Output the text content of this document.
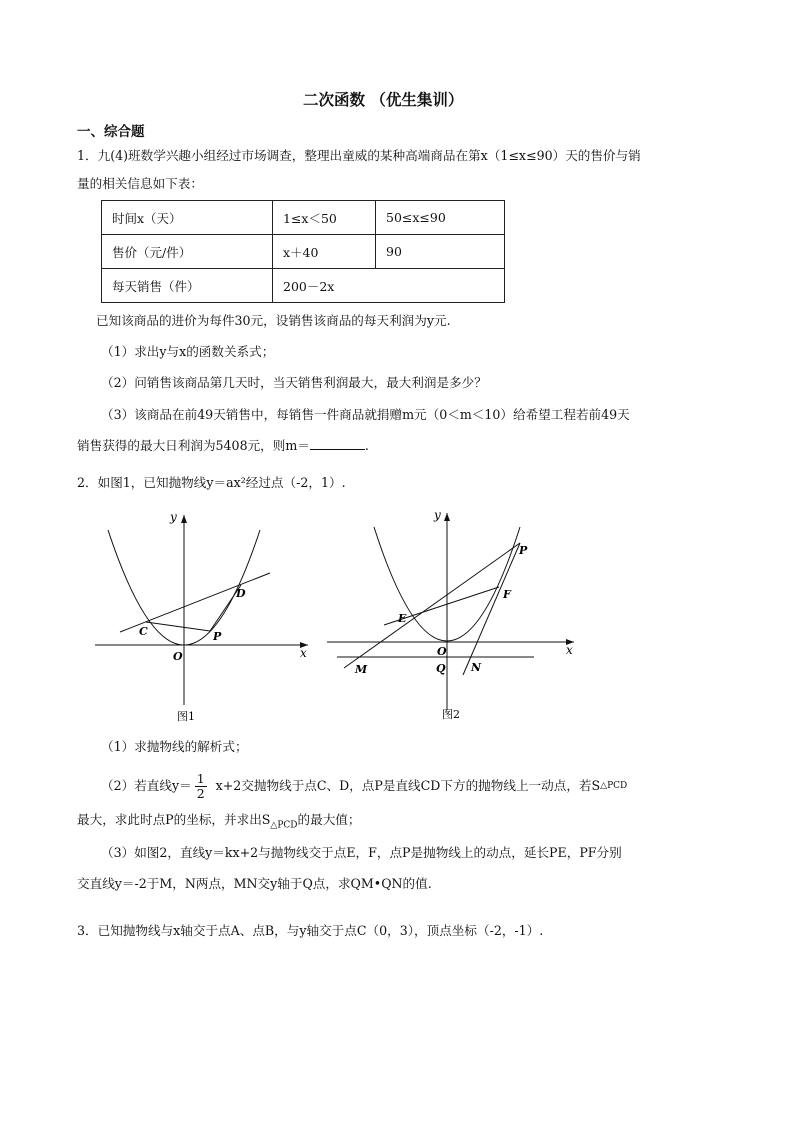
二次函数 （优生集训）
一、综合题
1．九(4)班数学兴趣小组经过市场调查，整理出童威的某种高端商品在第x（1≤x≤90）天的售价与销
量的相关信息如下表：
时间x（天）	1≤x＜50	50≤x≤90
售价（元/件）	x＋40	90
每天销售（件）	200－2x	
已知该商品的进价为每件30元，设销售该商品的每天利润为y元.
（1）求出y与x的函数关系式；
（2）问销售该商品第几天时，当天销售利润最大，最大利润是多少？
（3）该商品在前49天销售中，每销售一件商品就捐赠m元（0＜m＜10）给希望工程若前49天
销售获得的最大日利润为5408元，则m＝	.
2．如图1，已知抛物线y＝ax²经过点（-2，1）.
y
x
O
C
D
P
图1
y
x
P
F
E
O
Q
M	N
图2
（1）求抛物线的解析式；
（2）若直线$y= \frac{1}{2} x+2$交抛物线于点C、D，点P是直线CD下方的抛物线上一动点，若S △PCD
最大，求此时点P的坐标，并求出$S_{\triangle PCD}$的最大值；
（3）如图2，直线y＝kx+2与抛物线交于点E，F，点P是抛物线上的动点，延长PE，PF分别
交直线y＝-2于M，N两点，MN交y轴于Q点，求QM•QN的值.
3．已知抛物线与x轴交于点A、点B，与y轴交于点C（0，3），顶点坐标（-2，-1）.
